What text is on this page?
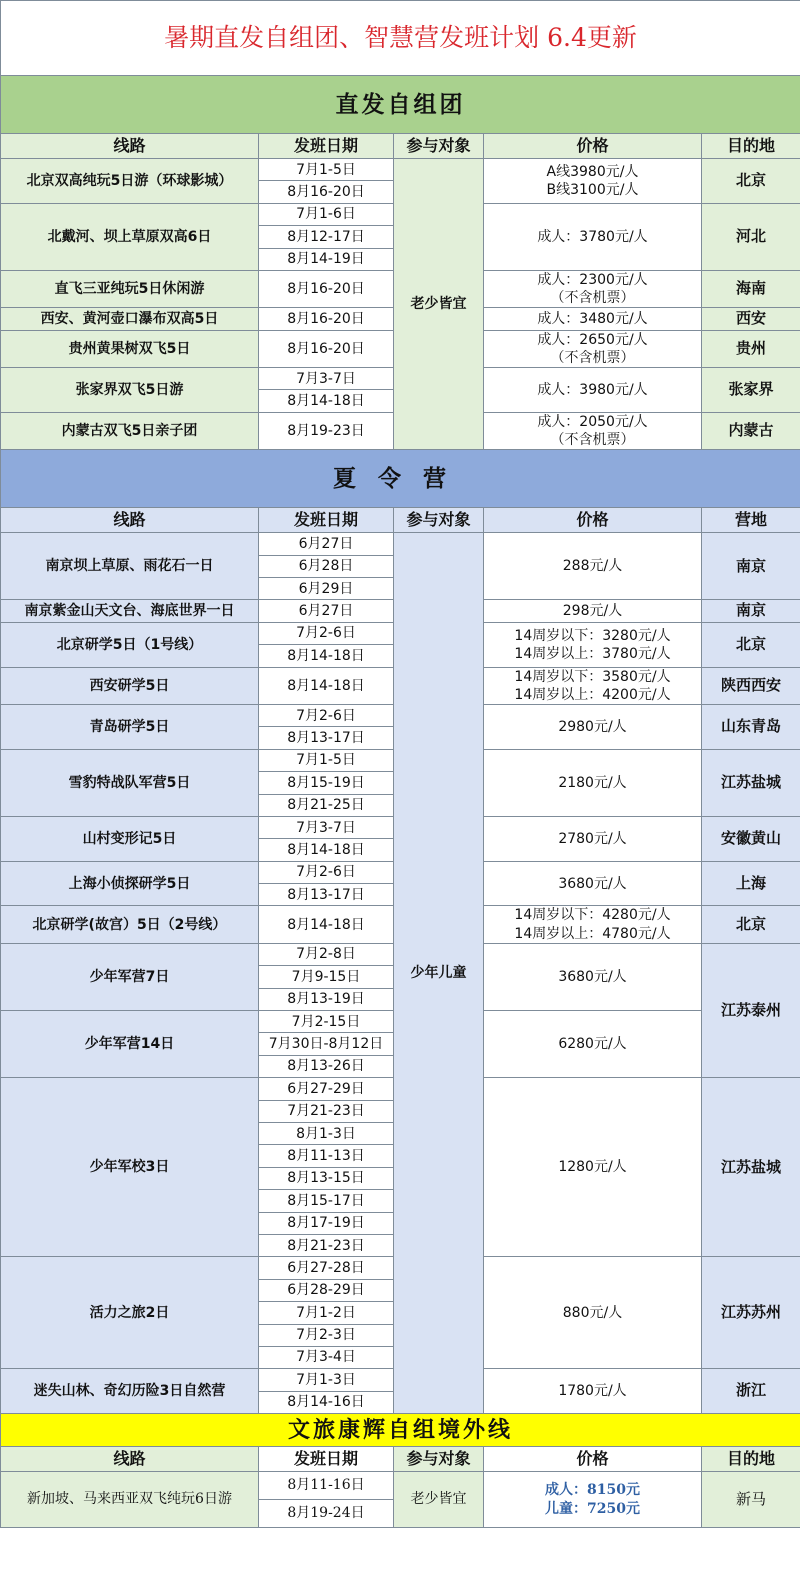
暑期直发自组团、智慧营发班计划 6.4更新				
直发自组团				
线路	发班日期	参与对象	价格	目的地
北京双高纯玩5日游（环球影城）	7月1-5日	老少皆宜	A线3980元/人
B线3100元/人	北京
	8月16-20日			
北戴河、坝上草原双高6日	7月1-6日		成人：3780元/人	河北
	8月12-17日			
	8月14-19日			
直飞三亚纯玩5日休闲游	8月16-20日		成人：2300元/人
（不含机票）	海南
西安、黄河壶口瀑布双高5日	8月16-20日		成人：3480元/人	西安
贵州黄果树双飞5日	8月16-20日		成人：2650元/人
（不含机票）	贵州
张家界双飞5日游	7月3-7日		成人：3980元/人	张家界
	8月14-18日			
内蒙古双飞5日亲子团	8月19-23日		成人：2050元/人
（不含机票）	内蒙古
夏令营				
线路	发班日期	参与对象	价格	营地
南京坝上草原、雨花石一日	6月27日	少年儿童	288元/人	南京
	6月28日			
	6月29日			
南京紫金山天文台、海底世界一日	6月27日		298元/人	南京
北京研学5日（1号线）	7月2-6日		14周岁以下：3280元/人
14周岁以上：3780元/人	北京
	8月14-18日			
西安研学5日	8月14-18日		14周岁以下：3580元/人
14周岁以上：4200元/人	陕西西安
青岛研学5日	7月2-6日		2980元/人	山东青岛
	8月13-17日			
雪豹特战队军营5日	7月1-5日		2180元/人	江苏盐城
	8月15-19日			
	8月21-25日			
山村变形记5日	7月3-7日		2780元/人	安徽黄山
	8月14-18日			
上海小侦探研学5日	7月2-6日		3680元/人	上海
	8月13-17日			
北京研学(故宫）5日（2号线）	8月14-18日		14周岁以下：4280元/人
14周岁以上：4780元/人	北京
少年军营7日	7月2-8日		3680元/人	江苏泰州
	7月9-15日			
	8月13-19日			
少年军营14日	7月2-15日		6280元/人	

	7月30日-8月12日			
	8月13-26日			
少年军校3日	6月27-29日		1280元/人	江苏盐城
	7月21-23日			
	8月1-3日			
	8月11-13日			
	8月13-15日			
	8月15-17日			
	8月17-19日			
	8月21-23日			
活力之旅2日	6月27-28日		880元/人	江苏苏州
	6月28-29日			
	7月1-2日			
	7月2-3日			
	7月3-4日			
迷失山林、奇幻历险3日自然营	7月1-3日		1780元/人	浙江
	8月14-16日			
文旅康辉自组境外线				
线路	发班日期	参与对象	价格	目的地
新加坡、马来西亚双飞纯玩6日游	8月11-16日	老少皆宜	成人：8150元
儿童：7250元	新马
	8月19-24日			
